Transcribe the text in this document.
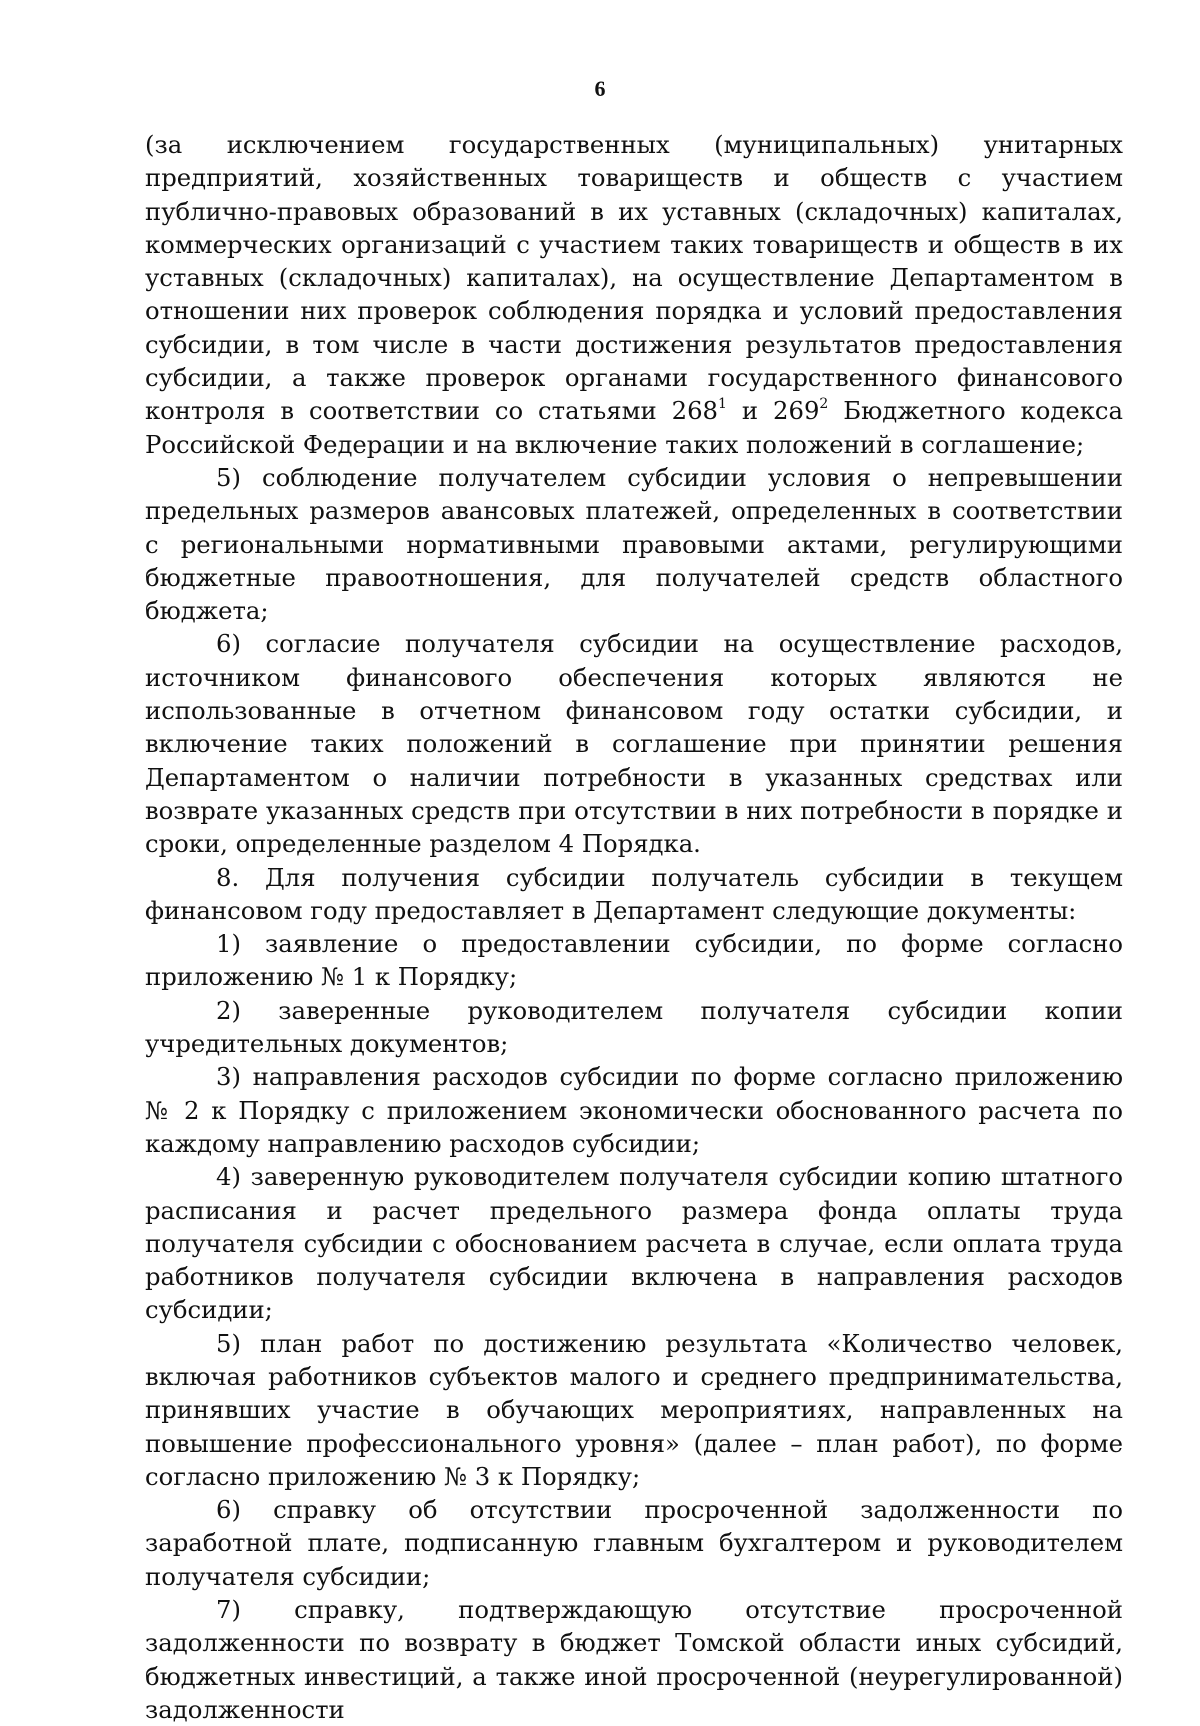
6

(за исключением государственных (муниципальных) унитарных предприятий, хозяйственных товариществ и обществ с участием публично-правовых образований в их уставных (складочных) капиталах, коммерческих организаций с участием таких товариществ и обществ в их уставных (складочных) капиталах), на осуществление Департаментом в отношении них проверок соблюдения порядка и условий предоставления субсидии, в том числе в части достижения результатов предоставления субсидии, а также проверок органами государственного финансового контроля в соответствии со статьями $268^1$ и $269^2$ Бюджетного кодекса Российской Федерации и на включение таких положений в соглашение;

5) соблюдение получателем субсидии условия о непревышении предельных размеров авансовых платежей, определенных в соответствии с региональными нормативными правовыми актами, регулирующими бюджетные правоотношения, для получателей средств областного бюджета;

6) согласие получателя субсидии на осуществление расходов, источником финансового обеспечения которых являются не использованные в отчетном финансовом году остатки субсидии, и включение таких положений в соглашение при принятии решения Департаментом о наличии потребности в указанных средствах или возврате указанных средств при отсутствии в них потребности в порядке и сроки, определенные разделом 4 Порядка.

8. Для получения субсидии получатель субсидии в текущем финансовом году предоставляет в Департамент следующие документы:

1) заявление о предоставлении субсидии, по форме согласно приложению № 1 к Порядку;

2) заверенные руководителем получателя субсидии копии учредительных документов;

3) направления расходов субсидии по форме согласно приложению № 2 к Порядку с приложением экономически обоснованного расчета по каждому направлению расходов субсидии;

4) заверенную руководителем получателя субсидии копию штатного расписания и расчет предельного размера фонда оплаты труда получателя субсидии с обоснованием расчета в случае, если оплата труда работников получателя субсидии включена в направления расходов субсидии;

5) план работ по достижению результата «Количество человек, включая работников субъектов малого и среднего предпринимательства, принявших участие в обучающих мероприятиях, направленных на повышение профессионального уровня» (далее – план работ), по форме согласно приложению № 3 к Порядку;

6) справку об отсутствии просроченной задолженности по заработной плате, подписанную главным бухгалтером и руководителем получателя субсидии;

7) справку, подтверждающую отсутствие просроченной задолженности по возврату в бюджет Томской области иных субсидий, бюджетных инвестиций, а также иной просроченной (неурегулированной) задолженности
